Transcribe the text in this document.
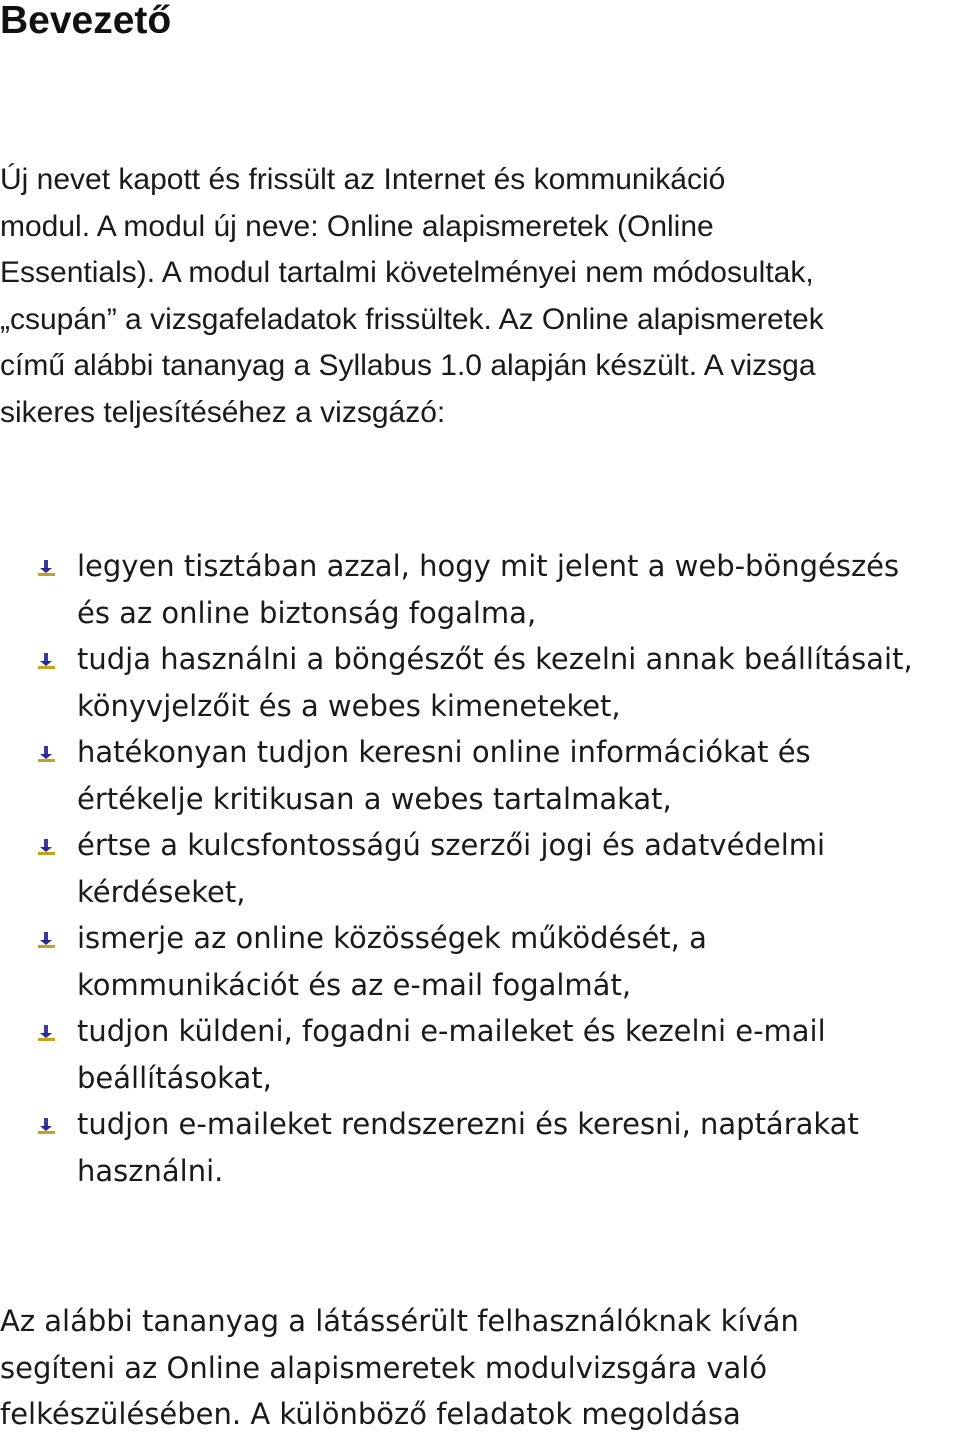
Bevezető

Új nevet kapott és frissült az Internet és kommunikáció
modul. A modul új neve: Online alapismeretek (Online
Essentials). A modul tartalmi követelményei nem módosultak,
„csupán” a vizsgafeladatok frissültek. Az Online alapismeretek
című alábbi tananyag a Syllabus 1.0 alapján készült. A vizsga
sikeres teljesítéséhez a vizsgázó:

legyen tisztában azzal, hogy mit jelent a web-böngészés
és az online biztonság fogalma,
tudja használni a böngészőt és kezelni annak beállításait,
könyvjelzőit és a webes kimeneteket,
hatékonyan tudjon keresni online információkat és
értékelje kritikusan a webes tartalmakat,
értse a kulcsfontosságú szerzői jogi és adatvédelmi
kérdéseket,
ismerje az online közösségek működését, a
kommunikációt és az e-mail fogalmát,
tudjon küldeni, fogadni e-maileket és kezelni e-mail
beállításokat,
tudjon e-maileket rendszerezni és keresni, naptárakat
használni.

Az alábbi tananyag a látássérült felhasználóknak kíván
segíteni az Online alapismeretek modulvizsgára való
felkészülésében. A különböző feladatok megoldása
